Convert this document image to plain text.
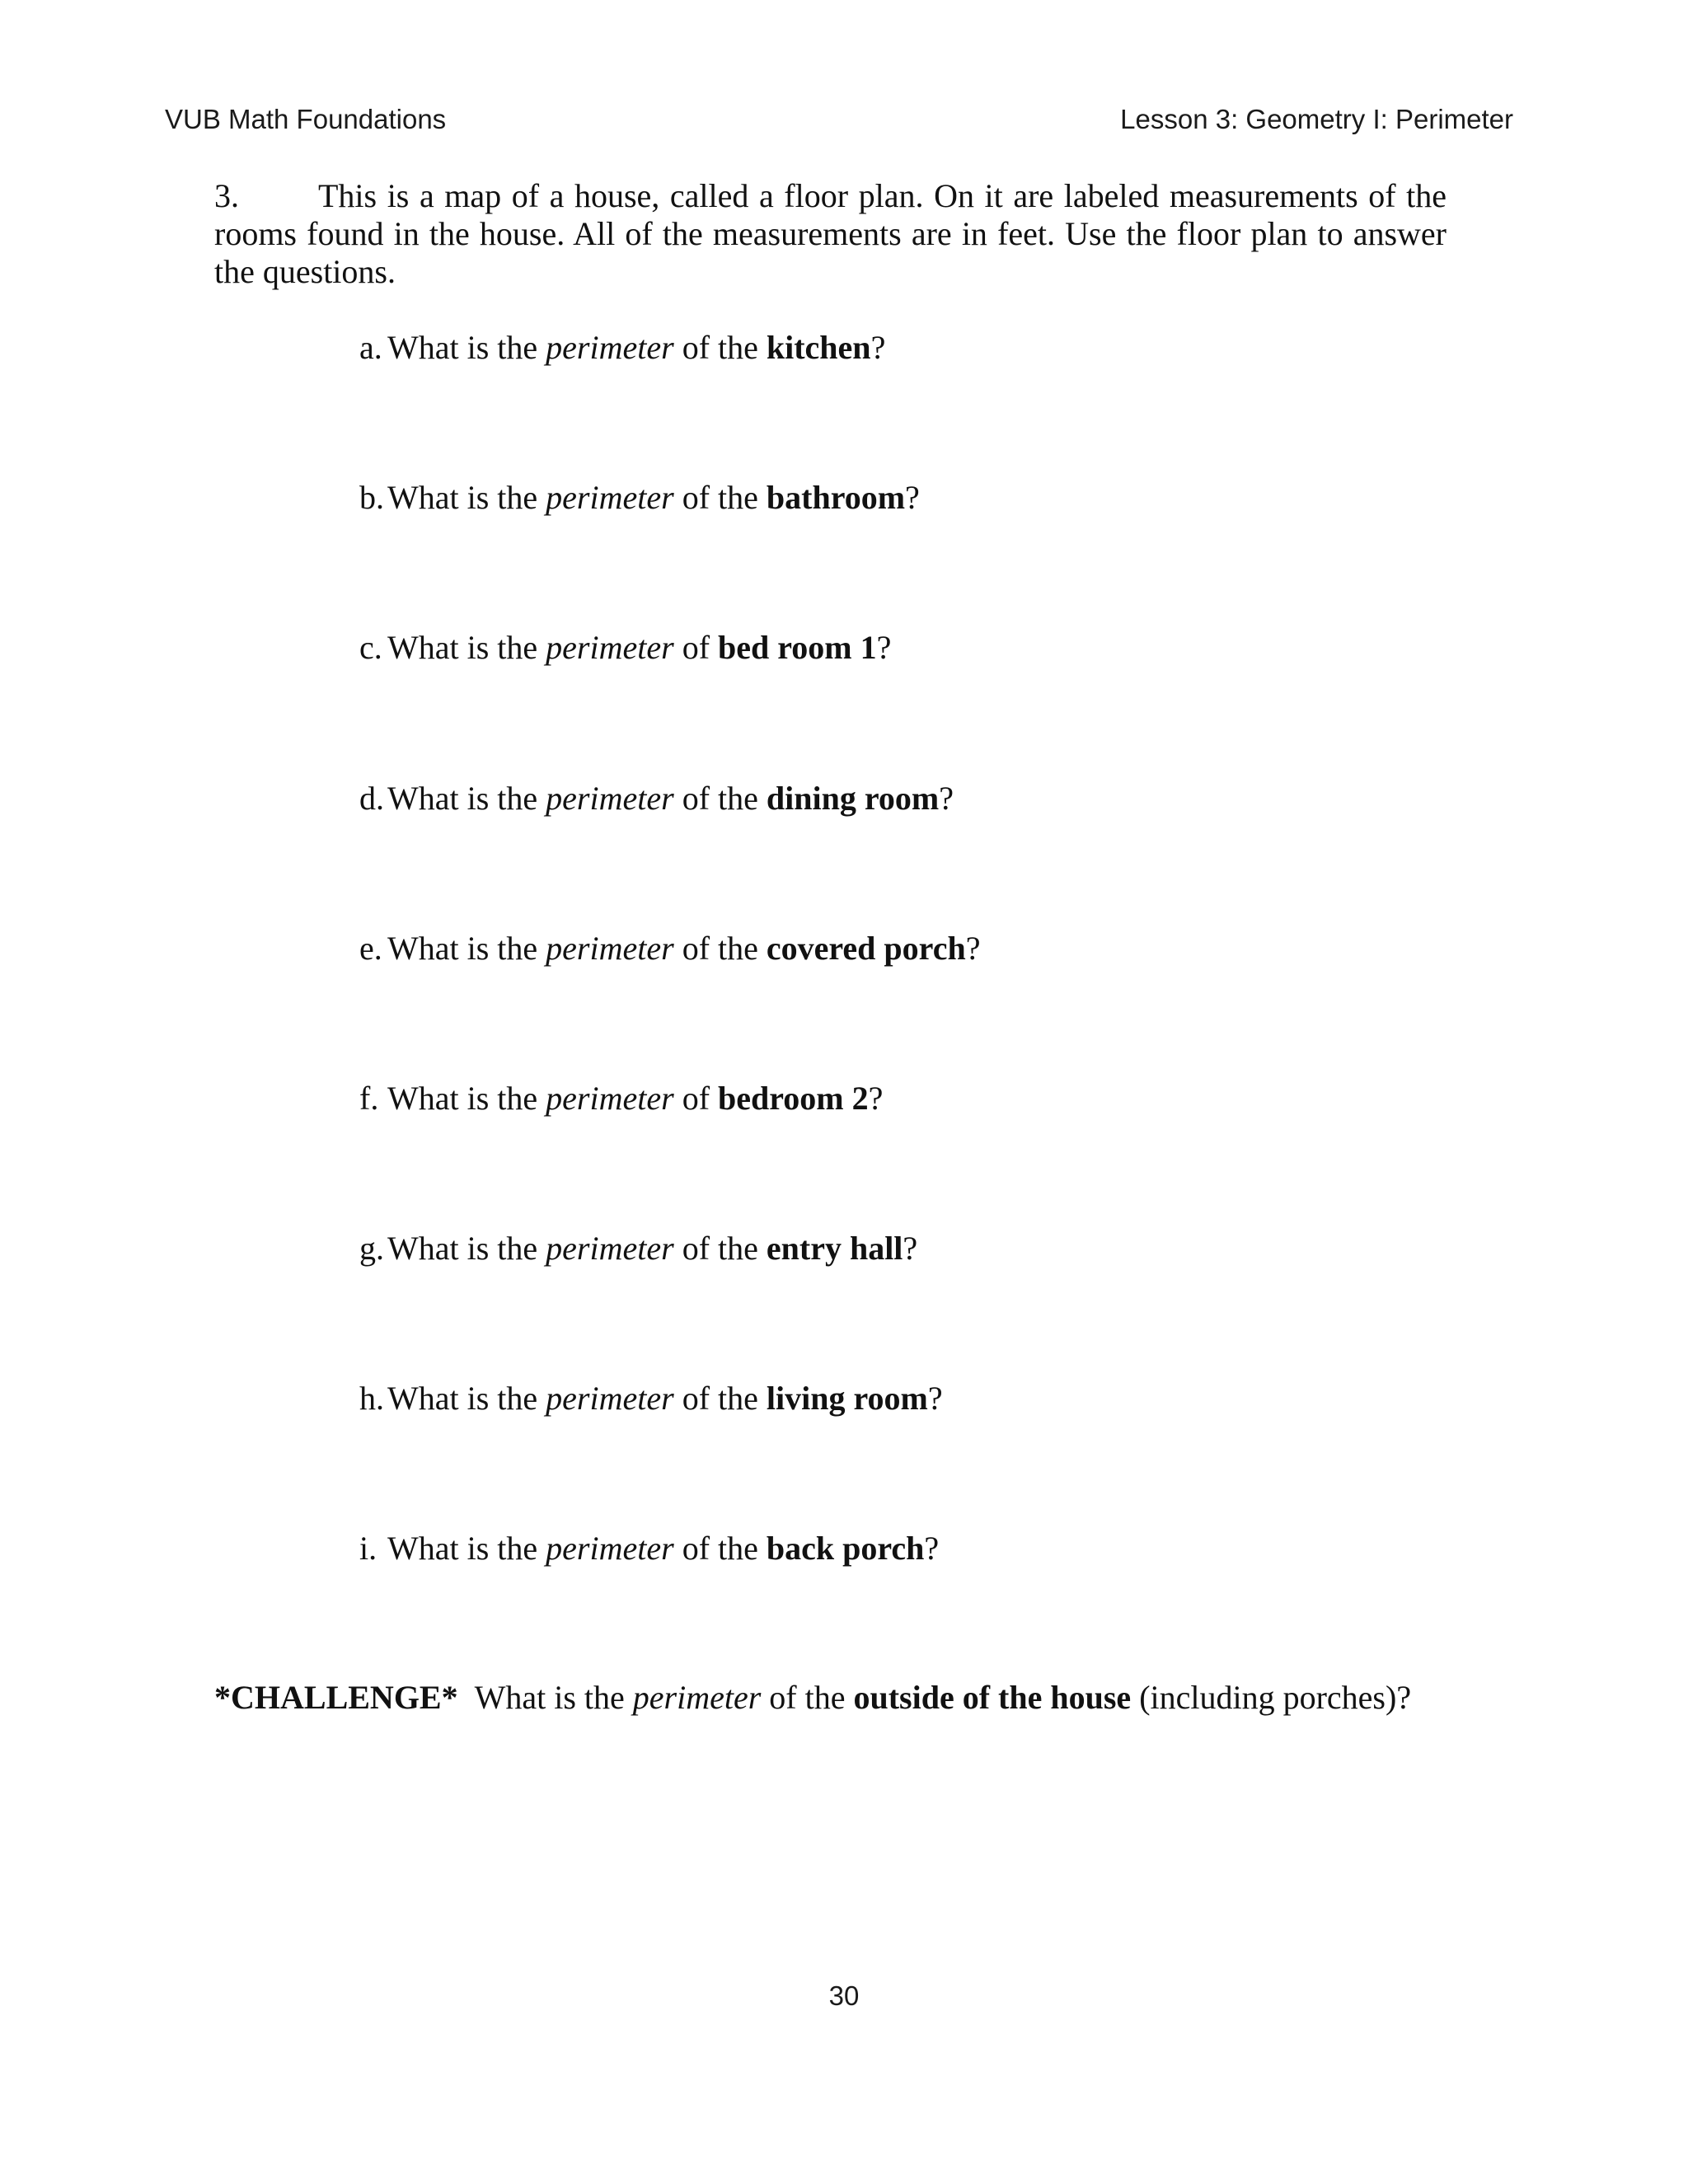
VUB Math Foundations	Lesson 3: Geometry I: Perimeter
3. This is a map of a house, called a floor plan. On it are labeled measurements of the rooms found in the house. All of the measurements are in feet. Use the floor plan to answer the questions.
a. What is the perimeter of the kitchen?
b. What is the perimeter of the bathroom?
c. What is the perimeter of bed room 1?
d. What is the perimeter of the dining room?
e. What is the perimeter of the covered porch?
f. What is the perimeter of bedroom 2?
g. What is the perimeter of the entry hall?
h. What is the perimeter of the living room?
i. What is the perimeter of the back porch?
*CHALLENGE* What is the perimeter of the outside of the house (including porches)?
30
